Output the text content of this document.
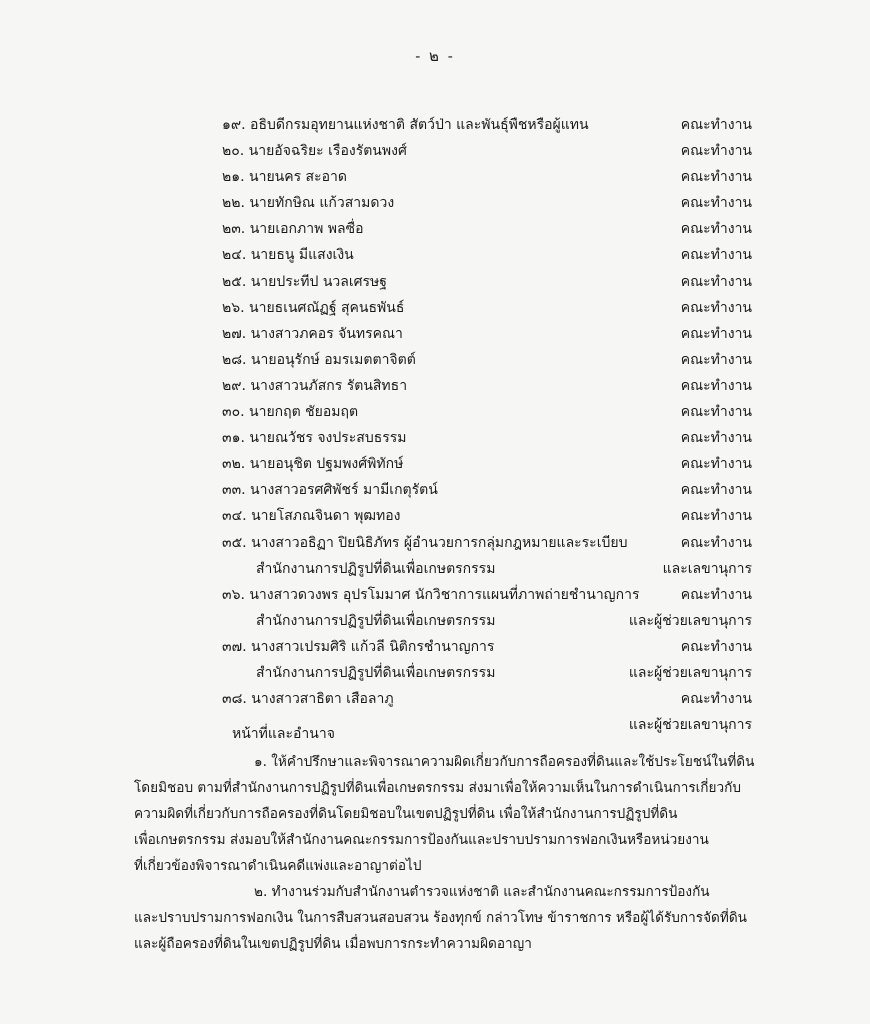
- ๒ -
๑๙. อธิบดีกรมอุทยานแห่งชาติ สัตว์ป่า และพันธุ์พืชหรือผู้แทน	คณะทำงาน
๒๐. นายอัจฉริยะ เรืองรัตนพงศ์	คณะทำงาน
๒๑. นายนคร สะอาด	คณะทำงาน
๒๒. นายทักษิณ แก้วสามดวง	คณะทำงาน
๒๓. นายเอกภาพ พลซื่อ	คณะทำงาน
๒๔. นายธนู มีแสงเงิน	คณะทำงาน
๒๕. นายประทีป นวลเศรษฐ	คณะทำงาน
๒๖. นายธเนศณัฏฐ์ สุคนธพันธ์	คณะทำงาน
๒๗. นางสาวภคอร จันทรคณา	คณะทำงาน
๒๘. นายอนุรักษ์ อมรเมตตาจิตต์	คณะทำงาน
๒๙. นางสาวนภัสกร รัตนสิทธา	คณะทำงาน
๓๐. นายกฤต ชัยอมฤต	คณะทำงาน
๓๑. นายณวัชร จงประสบธรรม	คณะทำงาน
๓๒. นายอนุชิต ปฐมพงศ์พิทักษ์	คณะทำงาน
๓๓. นางสาวอรศศิพัชร์ มามีเกตุรัตน์	คณะทำงาน
๓๔. นายโสภณจินดา พุฒทอง	คณะทำงาน
๓๕. นางสาวอธิฏา ปิยนิธิภัทร ผู้อำนวยการกลุ่มกฎหมายและระเบียบ	คณะทำงาน
สำนักงานการปฏิรูปที่ดินเพื่อเกษตรกรรม	และเลขานุการ
๓๖. นางสาวดวงพร อุปรโมมาศ นักวิชาการแผนที่ภาพถ่ายชำนาญการ	คณะทำงาน
สำนักงานการปฏิรูปที่ดินเพื่อเกษตรกรรม	และผู้ช่วยเลขานุการ
๓๗. นางสาวเปรมศิริ แก้วลี นิติกรชำนาญการ	คณะทำงาน
สำนักงานการปฏิรูปที่ดินเพื่อเกษตรกรรม	และผู้ช่วยเลขานุการ
๓๘. นางสาวสาธิตา เสือลาภู	คณะทำงาน
และผู้ช่วยเลขานุการ
หน้าที่และอำนาจ
๑. ให้คำปรึกษาและพิจารณาความผิดเกี่ยวกับการถือครองที่ดินและใช้ประโยชน์ในที่ดิน
โดยมิชอบ ตามที่สำนักงานการปฏิรูปที่ดินเพื่อเกษตรกรรม ส่งมาเพื่อให้ความเห็นในการดำเนินการเกี่ยวกับ
ความผิดที่เกี่ยวกับการถือครองที่ดินโดยมิชอบในเขตปฏิรูปที่ดิน เพื่อให้สำนักงานการปฏิรูปที่ดิน
เพื่อเกษตรกรรม ส่งมอบให้สำนักงานคณะกรรมการป้องกันและปราบปรามการฟอกเงินหรือหน่วยงาน
ที่เกี่ยวข้องพิจารณาดำเนินคดีแพ่งและอาญาต่อไป
๒. ทำงานร่วมกับสำนักงานตำรวจแห่งชาติ และสำนักงานคณะกรรมการป้องกัน
และปราบปรามการฟอกเงิน ในการสืบสวนสอบสวน ร้องทุกข์ กล่าวโทษ ข้าราชการ หรือผู้ได้รับการจัดที่ดิน
และผู้ถือครองที่ดินในเขตปฏิรูปที่ดิน เมื่อพบการกระทำความผิดอาญา
